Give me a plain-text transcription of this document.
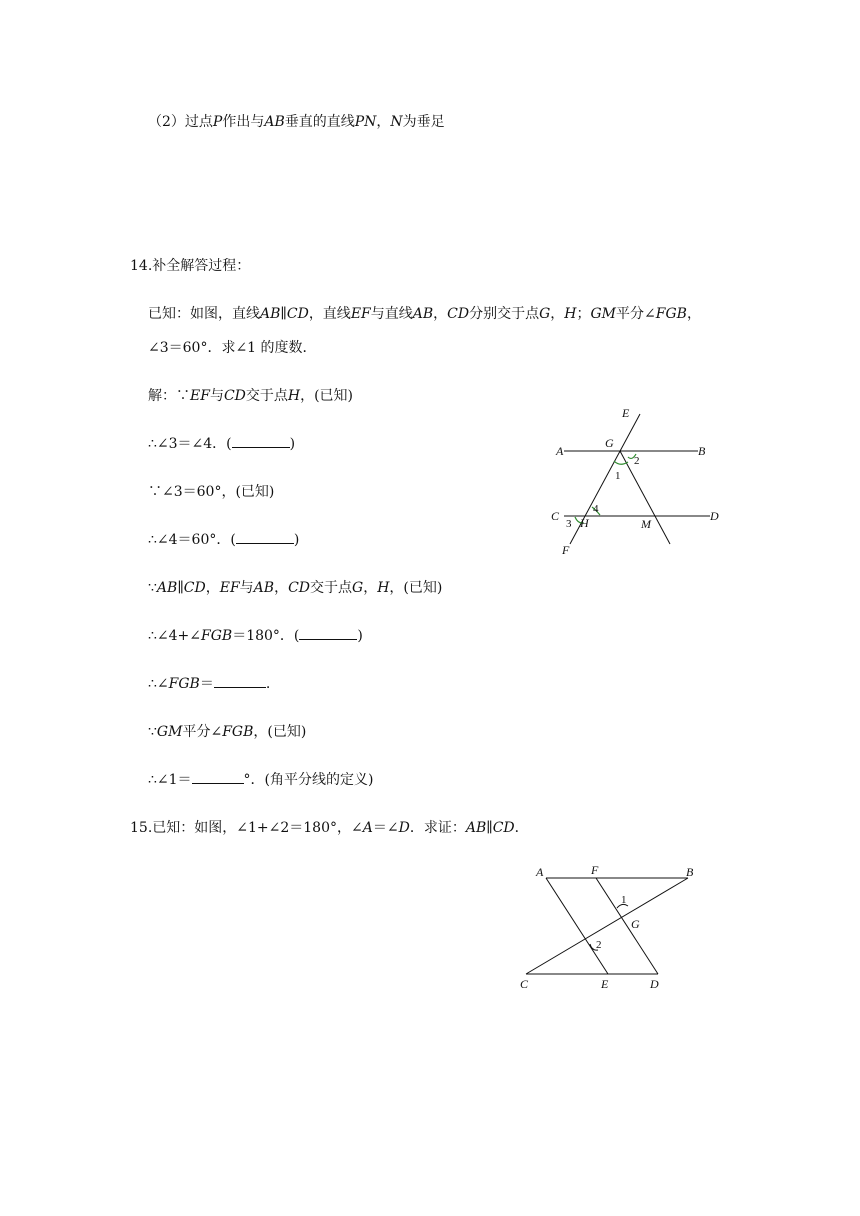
（2）过点P作出与AB垂直的直线PN，N为垂足
14.补全解答过程：
已知：如图，直线AB∥CD，直线EF与直线AB，CD分别交于点G，H；GM平分∠FGB，
∠3＝60°．求∠1 的度数．
解：∵EF与CD交于点H，(已知)
∴∠3＝∠4．(	)
∵∠3＝60°，(已知)
∴∠4＝60°．(	)
∵AB∥CD，EF与AB，CD交于点G，H，(已知)
∴∠4+∠FGB＝180°．(	)
∴∠FGB＝	.
∵GM平分∠FGB，(已知)
∴∠1＝	°．(角平分线的定义)
E
A
G
B
2
1
C	4
3 H	M
D
F
15.已知：如图，∠1+∠2＝180°，∠A＝∠D．求证：AB∥CD．
A	F	B
1
G
2
C	E	D
